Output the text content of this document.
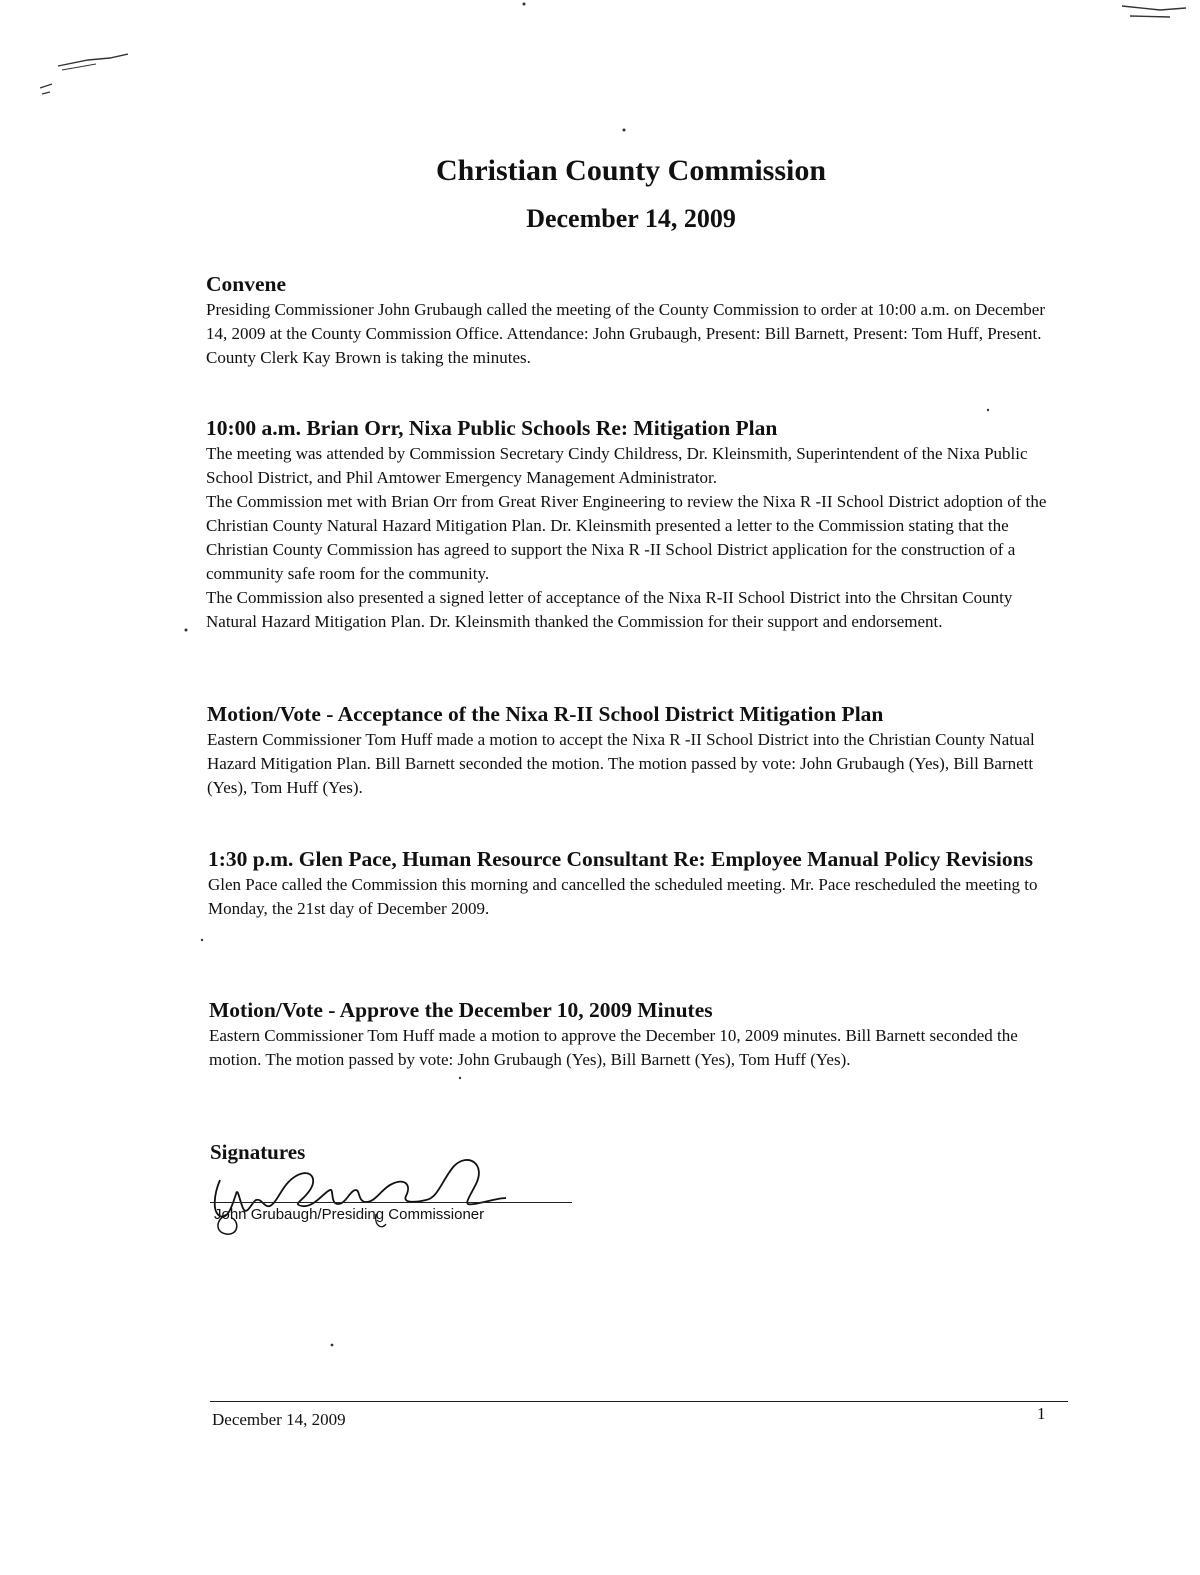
Christian County Commission
December 14, 2009
Convene

Presiding Commissioner John Grubaugh called the meeting of the County Commission to order at 10:00 a.m. on December 14, 2009 at the County Commission Office. Attendance: John Grubaugh, Present: Bill Barnett, Present: Tom Huff, Present. County Clerk Kay Brown is taking the minutes.

10:00 a.m. Brian Orr, Nixa Public Schools Re: Mitigation Plan

The meeting was attended by Commission Secretary Cindy Childress, Dr. Kleinsmith, Superintendent of the Nixa Public School District, and Phil Amtower Emergency Management Administrator.

The Commission met with Brian Orr from Great River Engineering to review the Nixa R -II School District adoption of the Christian County Natural Hazard Mitigation Plan. Dr. Kleinsmith presented a letter to the Commission stating that the Christian County Commission has agreed to support the Nixa R -II School District application for the construction of a community safe room for the community.

The Commission also presented a signed letter of acceptance of the Nixa R-II School District into the Chrsitan County Natural Hazard Mitigation Plan. Dr. Kleinsmith thanked the Commission for their support and endorsement.

Motion/Vote - Acceptance of the Nixa R-II School District Mitigation Plan

Eastern Commissioner Tom Huff made a motion to accept the Nixa R -II School District into the Christian County Natual Hazard Mitigation Plan. Bill Barnett seconded the motion. The motion passed by vote: John Grubaugh (Yes), Bill Barnett (Yes), Tom Huff (Yes).

1:30 p.m. Glen Pace, Human Resource Consultant Re: Employee Manual Policy Revisions

Glen Pace called the Commission this morning and cancelled the scheduled meeting. Mr. Pace rescheduled the meeting to Monday, the 21st day of December 2009.

Motion/Vote - Approve the December 10, 2009 Minutes

Eastern Commissioner Tom Huff made a motion to approve the December 10, 2009 minutes. Bill Barnett seconded the motion. The motion passed by vote: John Grubaugh (Yes), Bill Barnett (Yes), Tom Huff (Yes).

Signatures
John Grubaugh/Presiding Commissioner
December 14, 2009	1
